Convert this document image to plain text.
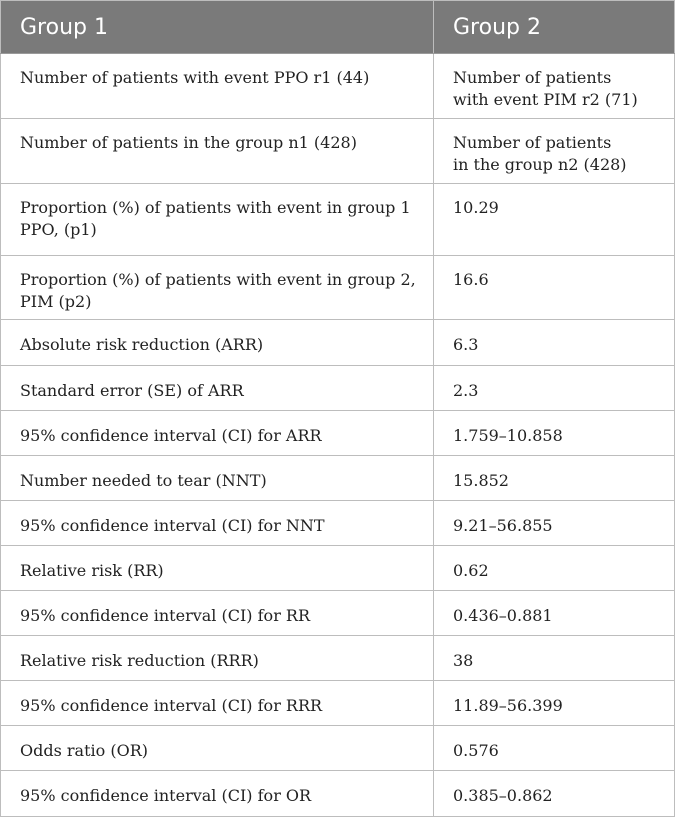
Group 1	Group 2
Number of patients with event PPO r1 (44)	Number of patients
with event PIM r2 (71)
Number of patients in the group n1 (428)	Number of patients
in the group n2 (428)
Proportion (%) of patients with event in group 1
PPO, (p1)	10.29
Proportion (%) of patients with event in group 2,
PIM (p2)	16.6
Absolute risk reduction (ARR)	6.3
Standard error (SE) of ARR	2.3
95% confidence interval (CI) for ARR	1.759–10.858
Number needed to tear (NNT)	15.852
95% confidence interval (CI) for NNT	9.21–56.855
Relative risk (RR)	0.62
95% confidence interval (CI) for RR	0.436–0.881
Relative risk reduction (RRR)	38
95% confidence interval (CI) for RRR	11.89–56.399
Odds ratio (OR)	0.576
95% confidence interval (CI) for OR	0.385–0.862
